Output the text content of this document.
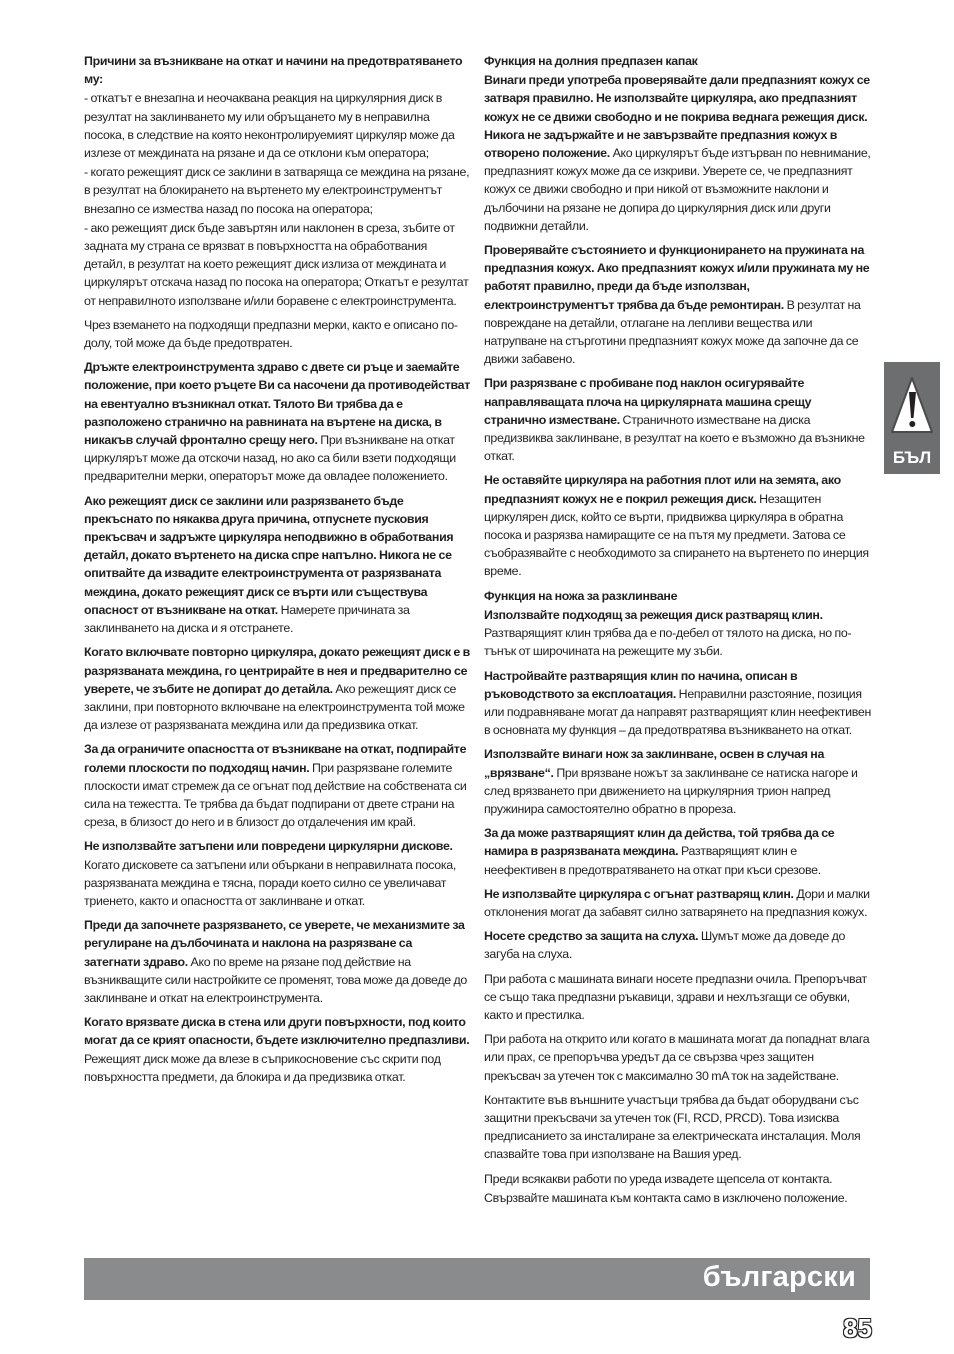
Причини за възникване на откат и начини на предотвратяването му:

- откатът е внезапна и неочаквана реакция на циркулярния диск в резултат на заклинването му или обръщането му в неправилна посока, в следствие на която неконтролируемият циркуляр може да излезе от междината на рязане и да се отклони към оператора;

- когато режещият диск се заклини в затваряща се междина на рязане, в резултат на блокирането на въртенето му електроинструментът внезапно се измества назад по посока на оператора;

- ако режещият диск бъде завъртян или наклонен в среза, зъбите от задната му страна се врязват в повърхността на обработвания детайл, в резултат на което режещият диск излиза от междината и циркулярът отскача назад по посока на оператора; Откатът е резултат от неправилното използване и/или боравене с електроинструмента.

Чрез вземането на подходящи предпазни мерки, както е описано по-долу, той може да бъде предотвратен.

Дръжте електроинструмента здраво с двете си ръце и заемайте положение, при което ръцете Ви са насочени да противодействат на евентуално възникнал откат. Тялото Ви трябва да е разположено странично на равнината на въртене на диска, в никакъв случай фронтално срещу него. При възникване на откат циркулярът може да отскочи назад, но ако са били взети подходящи предварителни мерки, операторът може да овладее положението.

Ако режещият диск се заклини или разрязването бъде прекъснато по някаква друга причина, отпуснете пусковия прекъсвач и задръжте циркуляра неподвижно в обработвания детайл, докато въртенето на диска спре напълно. Никога не се опитвайте да извадите електроинструмента от разрязваната междина, докато режещият диск се върти или съществува опасност от възникване на откат. Намерете причината за заклинването на диска и я отстранете.

Когато включвате повторно циркуляра, докато режещият диск е в разрязваната междина, го центрирайте в нея и предварително се уверете, че зъбите не допират до детайла. Ако режещият диск се заклини, при повторното включване на електроинструмента той може да излезе от разрязваната междина или да предизвика откат.

За да ограничите опасността от възникване на откат, подпирайте големи плоскости по подходящ начин. При разрязване големите плоскости имат стремеж да се огънат под действие на собствената си сила на тежестта. Те трябва да бъдат подпирани от двете страни на среза, в близост до него и в близост до отдалечения им край.

Не използвайте затъпени или повредени циркулярни дискове. Когато дисковете са затъпени или объркани в неправилната посока, разрязваната междина е тясна, поради което силно се увеличават триенето, както и опасността от заклинване и откат.

Преди да започнете разрязването, се уверете, че механизмите за регулиране на дълбочината и наклона на разрязване са затегнати здраво. Ако по време на рязане под действие на възникващите сили настройките се променят, това може да доведе до заклинване и откат на електроинструмента.

Когато врязвате диска в стена или други повърхности, под които могат да се крият опасности, бъдете изключително предпазливи. Режещият диск може да влезе в съприкосновение със скрити под повърхността предмети, да блокира и да предизвика откат.

Функция на долния предпазен капак

Винаги преди употреба проверявайте дали предпазният кожух се затваря правилно. Не използвайте циркуляра, ако предпазният кожух не се движи свободно и не покрива веднага режещия диск. Никога не задържайте и не завързвайте предпазния кожух в отворено положение. Ако циркулярът бъде изтърван по невнимание, предпазният кожух може да се изкриви. Уверете се, че предпазният кожух се движи свободно и при никой от възможните наклони и дълбочини на рязане не допира до циркулярния диск или други подвижни детайли.

Проверявайте състоянието и функционирането на пружината на предпазния кожух. Ако предпазният кожух и/или пружината му не работят правилно, преди да бъде използван, електроинструментът трябва да бъде ремонтиран. В резултат на повреждане на детайли, отлагане на лепливи вещества или натрупване на стърготини предпазният кожух може да започне да се движи забавено.

При разрязване с пробиване под наклон осигурявайте направляващата плоча на циркулярната машина срещу странично изместване. Страничното изместване на диска предизвиква заклинване, в резултат на което е възможно да възникне откат.

Не оставяйте циркуляра на работния плот или на земята, ако предпазният кожух не е покрил режещия диск. Незащитен циркулярен диск, който се върти, придвижва циркуляра в обратна посока и разрязва намиращите се на пътя му предмети. Затова се съобразявайте с необходимото за спирането на въртенето по инерция време.

Функция на ножа за разклинване

Използвайте подходящ за режещия диск разтварящ клин. Разтварящият клин трябва да е по-дебел от тялото на диска, но по-тънък от широчината на режещите му зъби.

Настройвайте разтварящия клин по начина, описан в ръководството за експлоатация. Неправилни разстояние, позиция или подравняване могат да направят разтварящият клин неефективен в основната му функция – да предотвратява възникването на откат.

Използвайте винаги нож за заклинване, освен в случая на „врязване“. При врязване ножът за заклинване се натиска нагоре и след врязването при движението на циркулярния трион напред пружинира самостоятелно обратно в прореза.

За да може разтварящият клин да действа, той трябва да се намира в разрязваната междина. Разтварящият клин е неефективен в предотвратяването на откат при къси срезове.

Не използвайте циркуляра с огънат разтварящ клин. Дори и малки отклонения могат да забавят силно затварянето на предпазния кожух.

Носете средство за защита на слуха. Шумът може да доведе до загуба на слуха.

При работа с машината винаги носете предпазни очила. Препоръчват се също така предпазни ръкавици, здрави и нехлъзгащи се обувки, както и престилка.

При работа на открито или когато в машината могат да попаднат влага или прах, се препоръчва уредът да се свързва чрез защитен прекъсвач за утечен ток с максимално 30 mA ток на задействане.

Контактите във външните участъци трябва да бъдат оборудвани със защитни прекъсвачи за утечен ток (FI, RCD, PRCD). Това изисква предписанието за инсталиране за електрическата инсталация. Моля спазвайте това при използване на Вашия уред.

Преди всякакви работи по уреда извадете щепсела от контакта.

Свързвайте машината към контакта само в изключено положение.

БЪЛ
български
85
